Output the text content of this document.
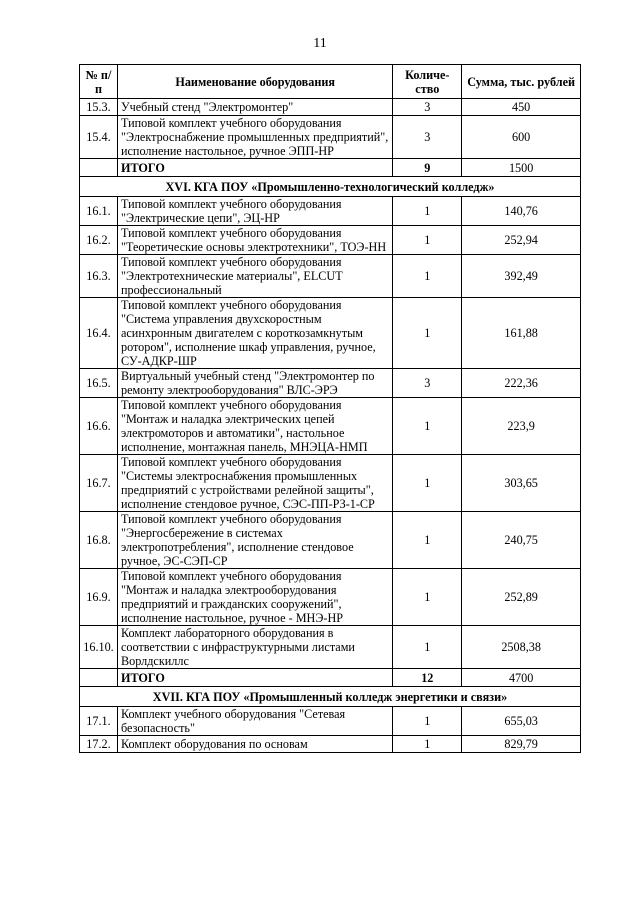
11
№ п/п	Наименование оборудования	Количе-ство	Сумма, тыс. рублей
15.3.	Учебный стенд "Электромонтер"	3	450
15.4.	Типовой комплект учебного оборудования "Электроснабжение промышленных предприятий", исполнение настольное, ручное ЭПП-НР	3	600
	ИТОГО	9	1500
XVI. КГА ПОУ «Промышленно-технологический колледж»			
16.1.	Типовой комплект учебного оборудования "Электрические цепи", ЭЦ-НР	1	140,76
16.2.	Типовой комплект учебного оборудования "Теоретические основы электротехники", ТОЭ-НН	1	252,94
16.3.	Типовой комплект учебного оборудования "Электротехнические материалы", ELCUT профессиональный	1	392,49
16.4.	Типовой комплект учебного оборудования "Система управления двухскоростным асинхронным двигателем с короткозамкнутым ротором", исполнение шкаф управления, ручное, СУ-АДКР-ШР	1	161,88
16.5.	Виртуальный учебный стенд "Электромонтер по ремонту электрооборудования" ВЛС-ЭРЭ	3	222,36
16.6.	Типовой комплект учебного оборудования "Монтаж и наладка электрических цепей электромоторов и автоматики", настольное исполнение, монтажная панель, МНЭЦА-НМП	1	223,9
16.7.	Типовой комплект учебного оборудования "Системы электроснабжения промышленных предприятий с устройствами релейной защиты", исполнение стендовое ручное, СЭС-ПП-РЗ-1-СР	1	303,65
16.8.	Типовой комплект учебного оборудования "Энергосбережение в системах электропотребления", исполнение стендовое ручное, ЭС-СЭП-СР	1	240,75
16.9.	Типовой комплект учебного оборудования "Монтаж и наладка электрооборудования предприятий и гражданских сооружений", исполнение настольное, ручное - МНЭ-НР	1	252,89
16.10.	Комплект лабораторного оборудования в соответствии с инфраструктурными листами Ворлдскиллс	1	2508,38
	ИТОГО	12	4700
XVII. КГА ПОУ «Промышленный колледж энергетики и связи»			
17.1.	Комплект учебного оборудования "Сетевая безопасность"	1	655,03
17.2.	Комплект оборудования по основам	1	829,79
